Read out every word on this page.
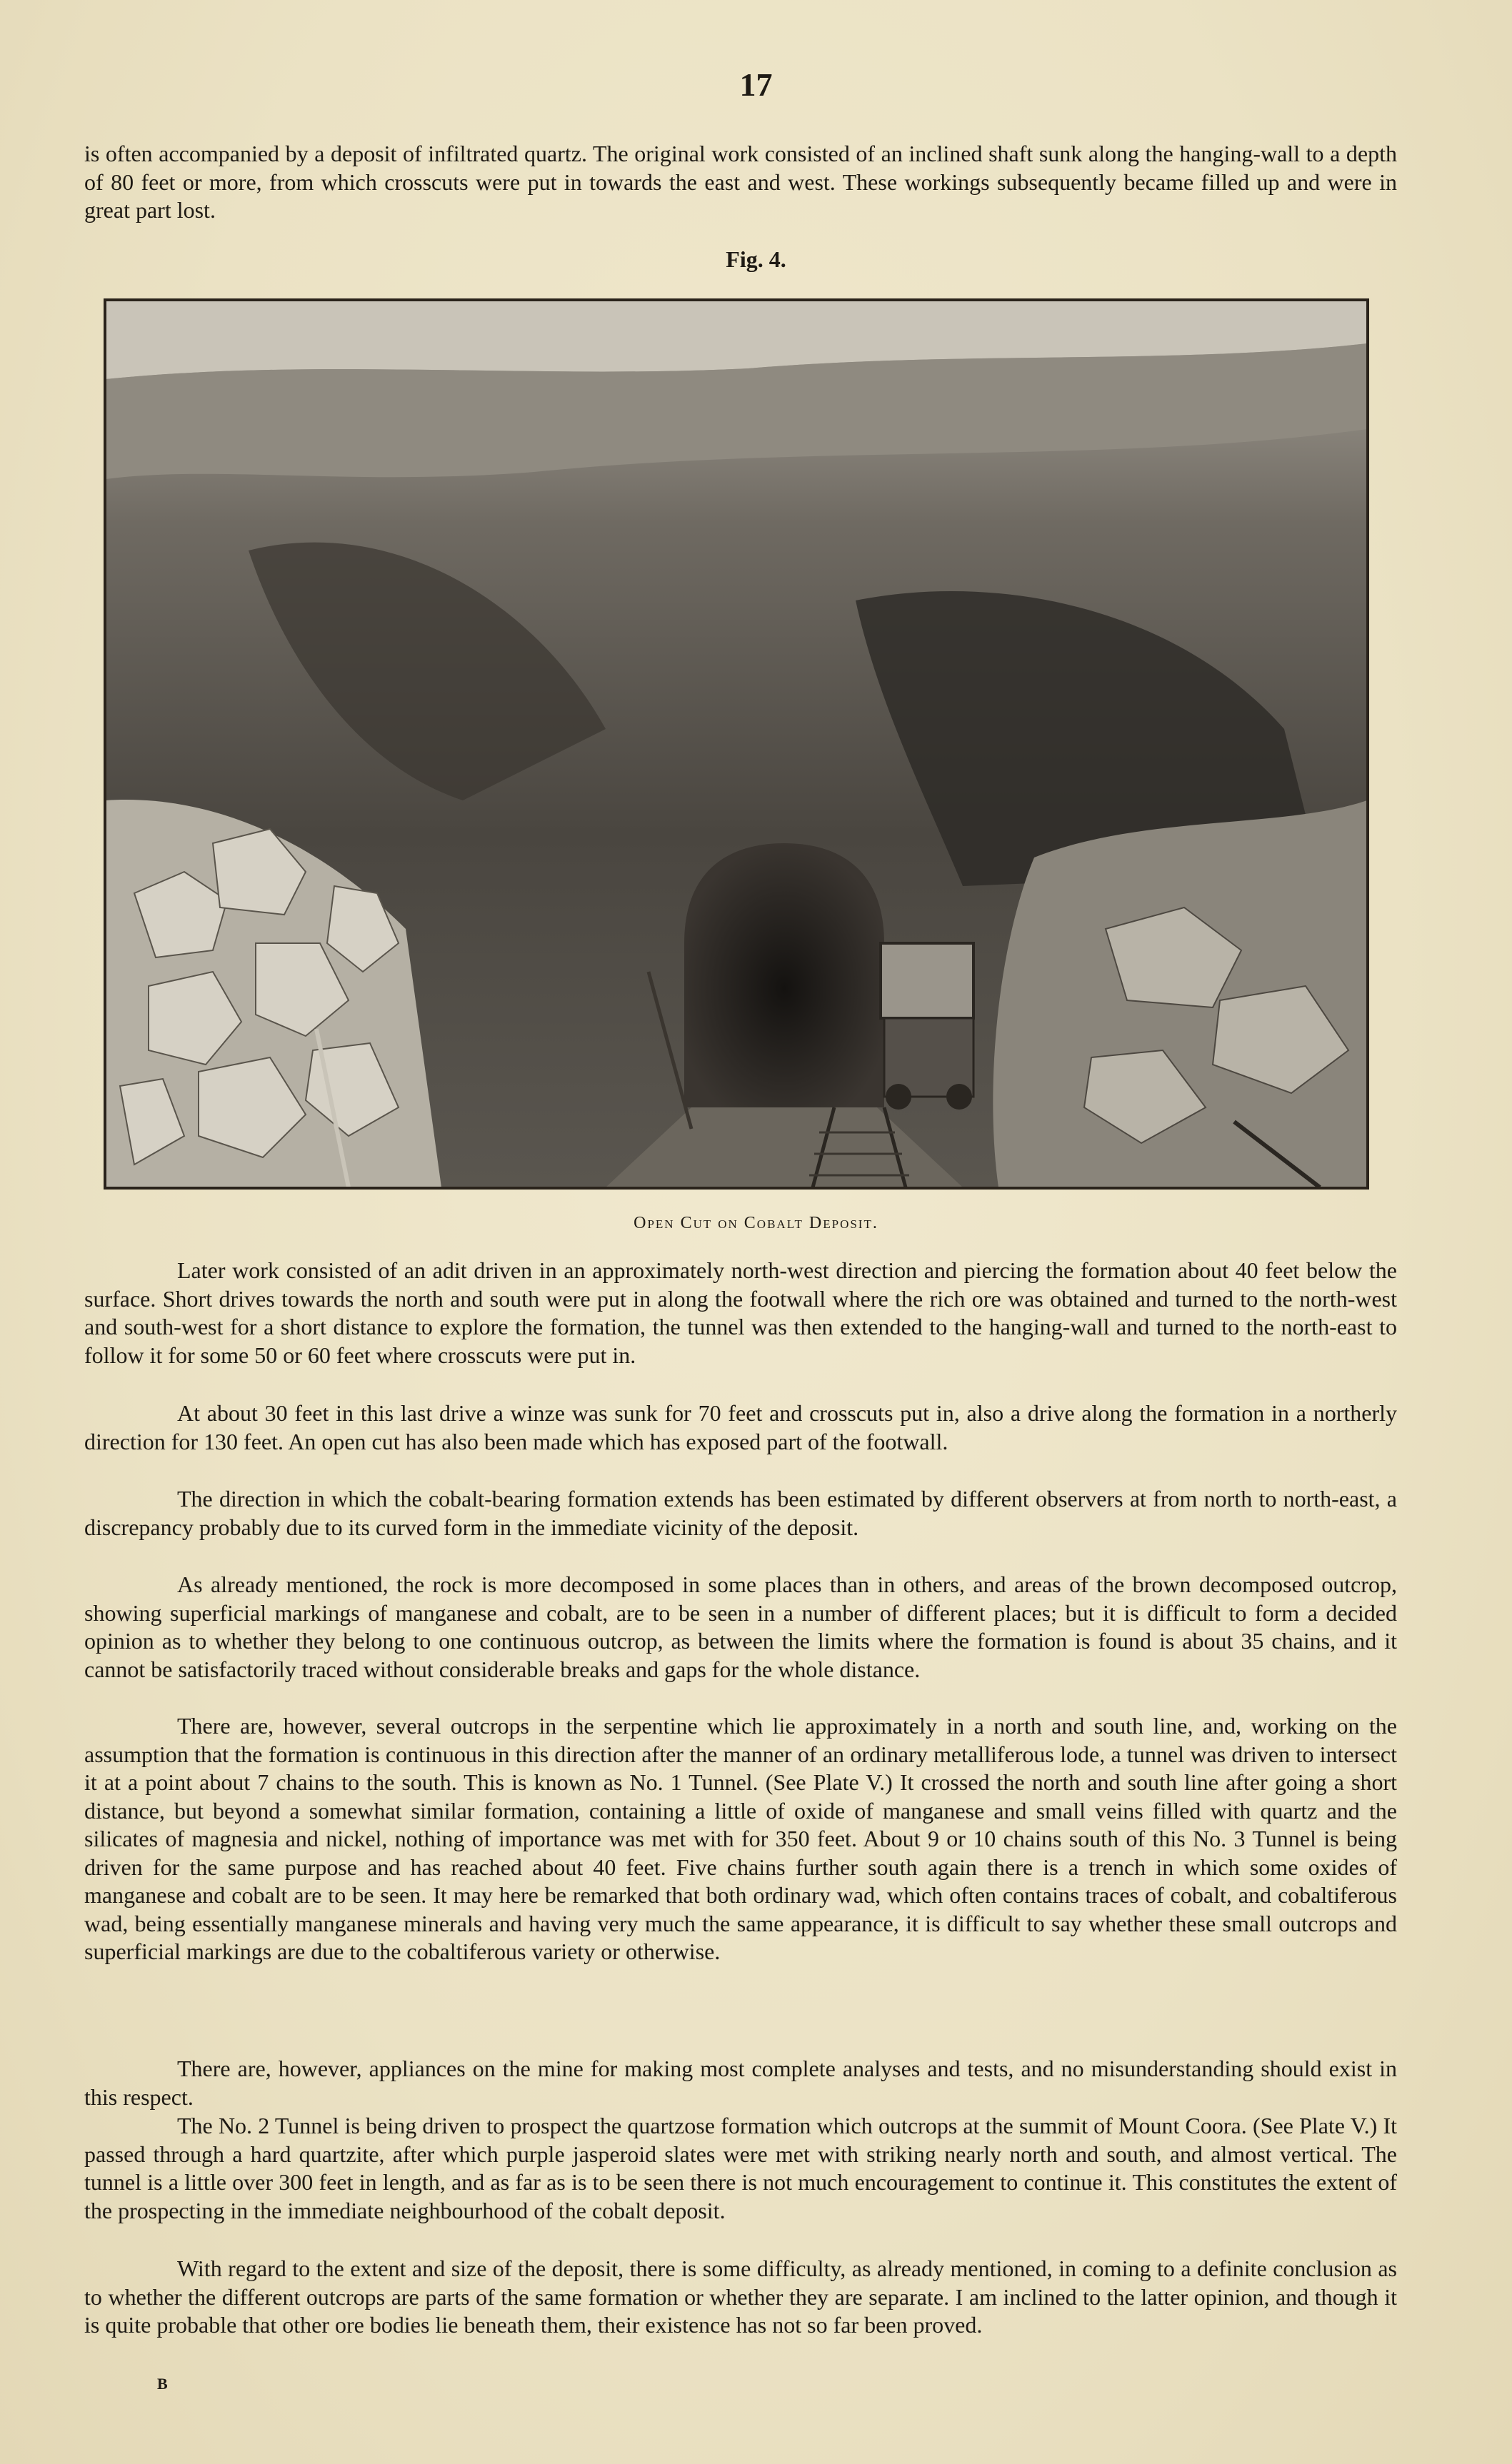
17

is often accompanied by a deposit of infiltrated quartz. The original work consisted of an inclined shaft sunk along the hanging-wall to a depth of 80 feet or more, from which crosscuts were put in towards the east and west. These workings subsequently became filled up and were in great part lost.

Fig. 4.
Open Cut on Cobalt Deposit.

Later work consisted of an adit driven in an approximately north-west direction and piercing the formation about 40 feet below the surface. Short drives towards the north and south were put in along the footwall where the rich ore was obtained and turned to the north-west and south-west for a short distance to explore the formation, the tunnel was then extended to the hanging-wall and turned to the north-east to follow it for some 50 or 60 feet where crosscuts were put in.

At about 30 feet in this last drive a winze was sunk for 70 feet and crosscuts put in, also a drive along the formation in a northerly direction for 130 feet. An open cut has also been made which has exposed part of the footwall.

The direction in which the cobalt-bearing formation extends has been estimated by different observers at from north to north-east, a discrepancy probably due to its curved form in the immediate vicinity of the deposit.

As already mentioned, the rock is more decomposed in some places than in others, and areas of the brown decomposed outcrop, showing superficial markings of manganese and cobalt, are to be seen in a number of different places; but it is difficult to form a decided opinion as to whether they belong to one continuous outcrop, as between the limits where the formation is found is about 35 chains, and it cannot be satisfactorily traced without considerable breaks and gaps for the whole distance.

There are, however, several outcrops in the serpentine which lie approximately in a north and south line, and, working on the assumption that the formation is continuous in this direction after the manner of an ordinary metalliferous lode, a tunnel was driven to intersect it at a point about 7 chains to the south. This is known as No. 1 Tunnel. (See Plate V.) It crossed the north and south line after going a short distance, but beyond a somewhat similar formation, containing a little of oxide of manganese and small veins filled with quartz and the silicates of magnesia and nickel, nothing of importance was met with for 350 feet. About 9 or 10 chains south of this No. 3 Tunnel is being driven for the same purpose and has reached about 40 feet. Five chains further south again there is a trench in which some oxides of manganese and cobalt are to be seen. It may here be remarked that both ordinary wad, which often contains traces of cobalt, and cobaltiferous wad, being essentially manganese minerals and having very much the same appearance, it is difficult to say whether these small outcrops and superficial markings are due to the cobaltiferous variety or otherwise.

There are, however, appliances on the mine for making most complete analyses and tests, and no misunderstanding should exist in this respect.

The No. 2 Tunnel is being driven to prospect the quartzose formation which outcrops at the summit of Mount Coora. (See Plate V.) It passed through a hard quartzite, after which purple jasperoid slates were met with striking nearly north and south, and almost vertical. The tunnel is a little over 300 feet in length, and as far as is to be seen there is not much encouragement to continue it. This constitutes the extent of the prospecting in the immediate neighbourhood of the cobalt deposit.

With regard to the extent and size of the deposit, there is some difficulty, as already mentioned, in coming to a definite conclusion as to whether the different outcrops are parts of the same formation or whether they are separate. I am inclined to the latter opinion, and though it is quite probable that other ore bodies lie beneath them, their existence has not so far been proved.

B
